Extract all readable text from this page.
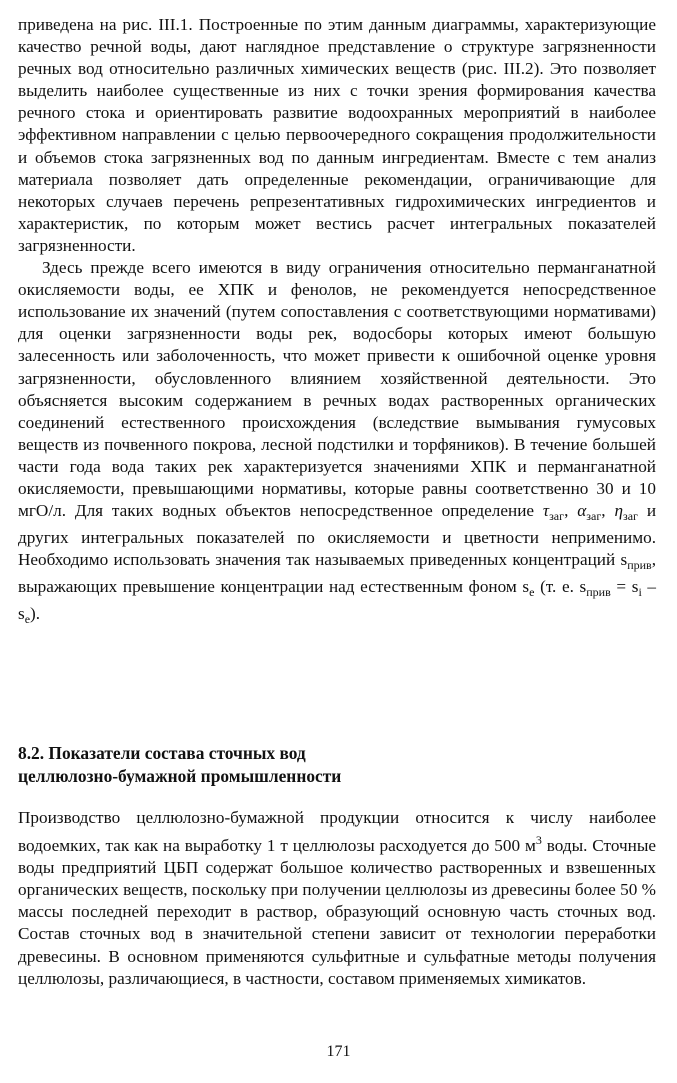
приведена на рис. III.1. Построенные по этим данным диаграммы, характеризующие качество речной воды, дают наглядное представление о структуре загрязненности речных вод относительно различных химических веществ (рис. III.2). Это позволяет выделить наиболее существенные из них с точки зрения формирования качества речного стока и ориентировать развитие водоохранных мероприятий в наиболее эффективном направлении с целью первоочередного сокращения продолжительности и объемов стока загрязненных вод по данным ингредиентам. Вместе с тем анализ материала позволяет дать определенные рекомендации, ограничивающие для некоторых случаев перечень репрезентативных гидрохимических ингредиентов и характеристик, по которым может вестись расчет интегральных показателей загрязненности.

Здесь прежде всего имеются в виду ограничения относительно перманганатной окисляемости воды, ее ХПК и фенолов, не рекомендуется непосредственное использование их значений (путем сопоставления с соответствующими нормативами) для оценки загрязненности воды рек, водосборы которых имеют большую залесенность или заболоченность, что может привести к ошибочной оценке уровня загрязненности, обусловленного влиянием хозяйственной деятельности. Это объясняется высоким содержанием в речных водах растворенных органических соединений естественного происхождения (вследствие вымывания гумусовых веществ из почвенного покрова, лесной подстилки и торфяников). В течение большей части года вода таких рек характеризуется значениями ХПК и перманганатной окисляемости, превышающими нормативы, которые равны соответственно 30 и 10 мгО/л. Для таких водных объектов непосредственное определение $\tau_{заг}$, $\alpha_{заг}$, $\eta_{заг}$ и других интегральных показателей по окисляемости и цветности неприменимо. Необходимо использовать значения так называемых приведенных концентраций $s_{прив}$, выражающих превышение концентрации над естественным фоном $s_e$ (т. е. $s_{прив} = s_i - s_e$).

8.2. Показатели состава сточных вод
целлюлозно-бумажной промышленности

Производство целлюлозно-бумажной продукции относится к числу наиболее водоемких, так как на выработку 1 т целлюлозы расходуется до 500 $м^3$ воды. Сточные воды предприятий ЦБП содержат большое количество растворенных и взвешенных органических веществ, поскольку при получении целлюлозы из древесины более 50 % массы последней переходит в раствор, образующий основную часть сточных вод. Состав сточных вод в значительной степени зависит от технологии переработки древесины. В основном применяются сульфитные и сульфатные методы получения целлюлозы, различающиеся, в частности, составом применяемых химикатов.

171
